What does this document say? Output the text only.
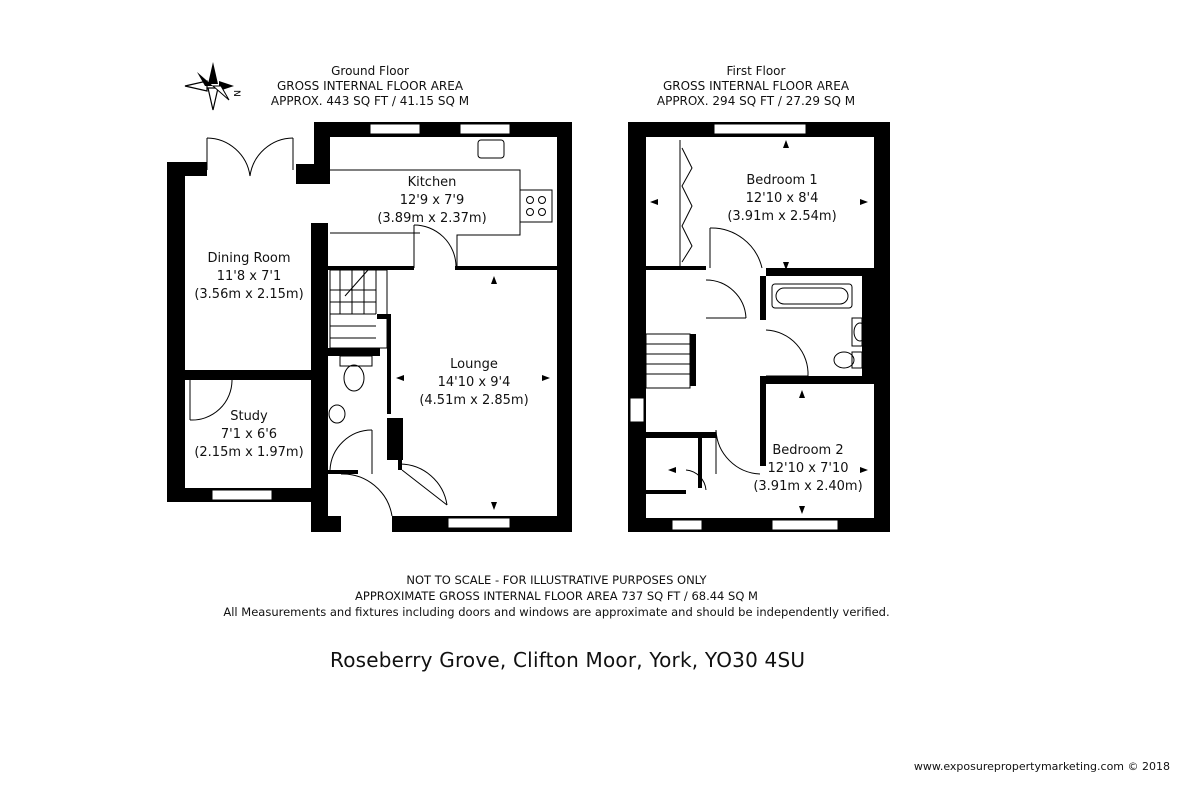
N
Ground Floor
GROSS INTERNAL FLOOR AREA
APPROX. 443 SQ FT / 41.15 SQ M
First Floor
GROSS INTERNAL FLOOR AREA
APPROX. 294 SQ FT / 27.29 SQ M
Kitchen
12'9 x 7'9
(3.89m x 2.37m)
Dining Room
11'8 x 7'1
(3.56m x 2.15m)
Lounge
14'10 x 9'4
(4.51m x 2.85m)
Study
7'1 x 6'6
(2.15m x 1.97m)
Bedroom 1
12'10 x 8'4
(3.91m x 2.54m)
Bedroom 2
12'10 x 7'10
(3.91m x 2.40m)
NOT TO SCALE - FOR ILLUSTRATIVE PURPOSES ONLY
APPROXIMATE GROSS INTERNAL FLOOR AREA 737 SQ FT / 68.44 SQ M
All Measurements and fixtures including doors and windows are approximate and should be independently verified.
Roseberry Grove, Clifton Moor, York, YO30 4SU
www.exposurepropertymarketing.com © 2018
